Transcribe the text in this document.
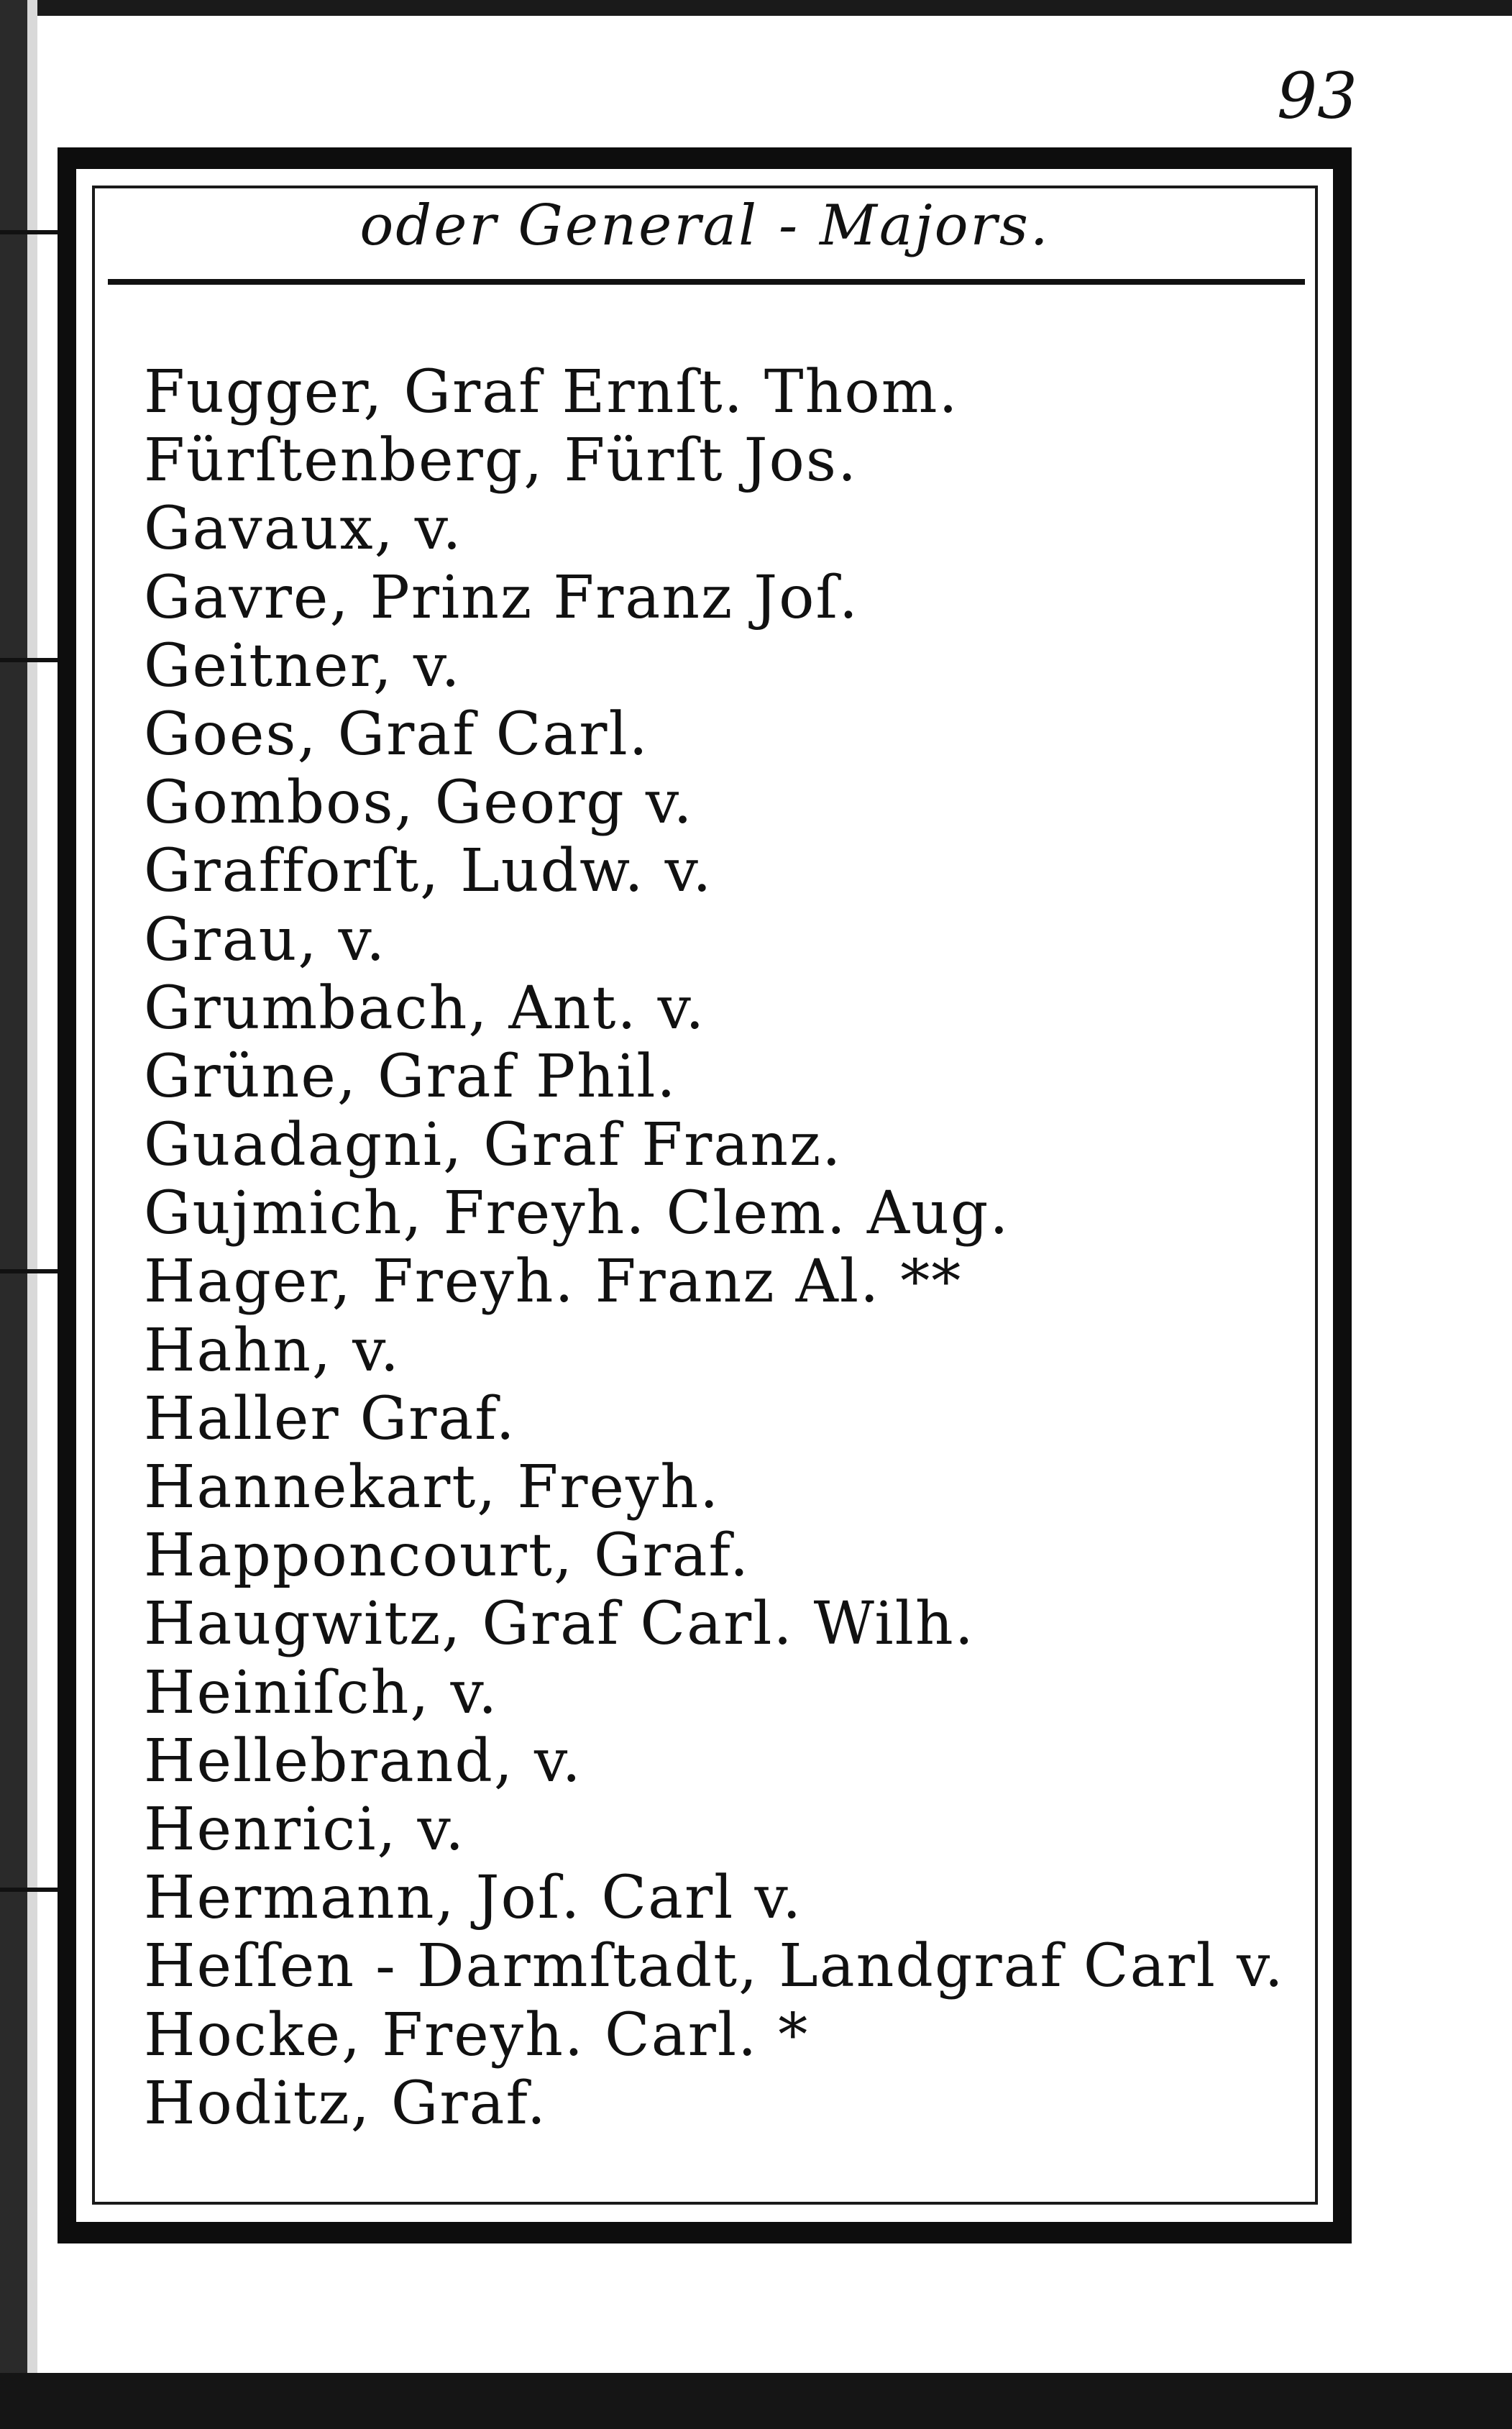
93
oder General - Majors.
Fugger, Graf Ernſt. Thom.
Fürſtenberg, Fürſt Jos.
Gavaux, v.
Gavre, Prinz Franz Joſ.
Geitner, v.
Goes, Graf Carl.
Gombos, Georg v.
Grafforſt, Ludw. v.
Grau, v.
Grumbach, Ant. v.
Grüne, Graf Phil.
Guadagni, Graf Franz.
Gujmich, Freyh. Clem. Aug.
Hager, Freyh. Franz Al. **
Hahn, v.
Haller Graf.
Hannekart, Freyh.
Happoncourt, Graf.
Haugwitz, Graf Carl. Wilh.
Heiniſch, v.
Hellebrand, v.
Henrici, v.
Hermann, Joſ. Carl v.
Heſſen - Darmſtadt, Landgraf Carl v.
Hocke, Freyh. Carl. *
Hoditz, Graf.
